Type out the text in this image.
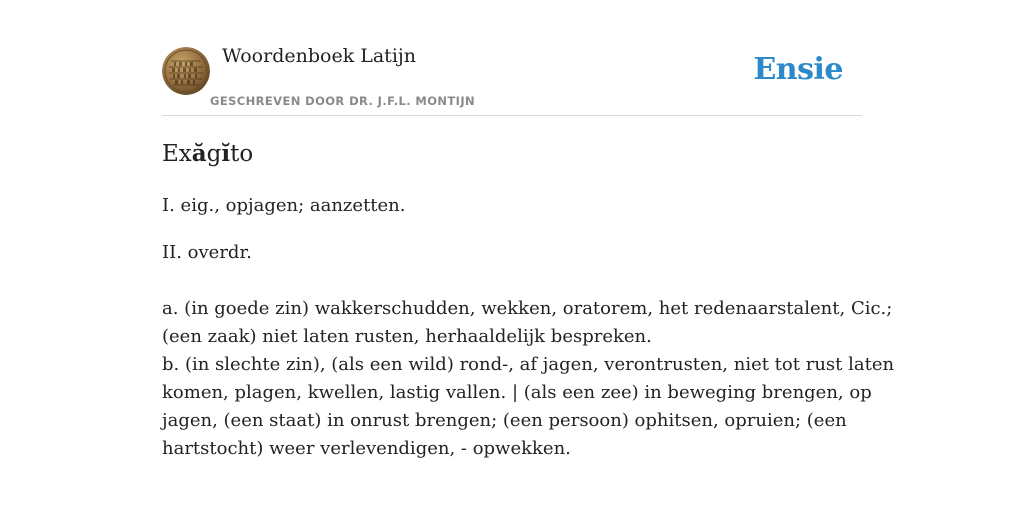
Woordenboek Latijn
GESCHREVEN DOOR DR. J.F.L. MONTIJN
Ensie
Exăgĭto

I. eig., opjagen; aanzetten.

II. overdr.

a. (in goede zin) wakkerschudden, wekken, oratorem, het redenaarstalent, Cic.;
(een zaak) niet laten rusten, herhaaldelijk bespreken.
b. (in slechte zin), (als een wild) rond-, af jagen, verontrusten, niet tot rust laten
komen, plagen, kwellen, lastig vallen. | (als een zee) in beweging brengen, op
jagen, (een staat) in onrust brengen; (een persoon) ophitsen, opruien; (een
hartstocht) weer verlevendigen, - opwekken.
